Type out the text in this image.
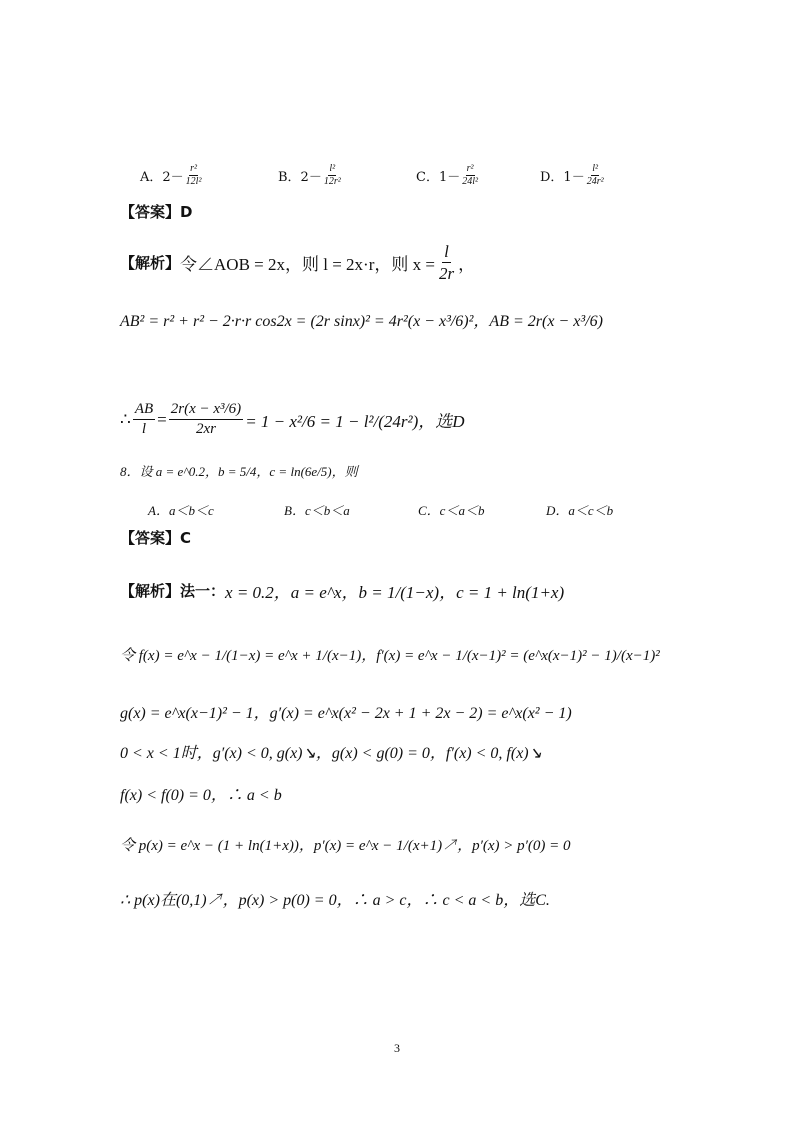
A．$2- \frac{\text{r²}}{\text{12l²}}$	B．$2- \frac{\text{l²}}{\text{12r²}}$	C．$1- \frac{\text{r²}}{\text{24l²}}$	D．$1- \frac{\text{l²}}{\text{24r²}}$
【答案】 D
【解析】 令∠AOB = 2x，则 l = 2x·r，则 $x = \frac{l}{2r}$ ，
AB² = r² + r² − 2·r·r cos2x = (2r sinx)² = 4r²(x − x³/6)²，AB = 2r(x − x³/6)
∴ $\frac{AB}{l} = \frac{\text{2r(x − x³/6)}}{2xr} = 1 - x^2/6 = 1 - l^2/(24r^2)$，选D
8．设 a = e^0.2，b = 5/4，c = ln(6e/5)，则
A．a＜b＜c	B．c＜b＜a	C．c＜a＜b	D．a＜c＜b
【答案】 C
【解析】 法一： x = 0.2，a = e^x，b = 1/(1−x)，c = 1 + ln(1+x)
令 f(x) = e^x − 1/(1−x) = e^x + 1/(x−1)，f′(x) = e^x − 1/(x−1)² = (e^x(x−1)² − 1)/(x−1)²
g(x) = e^x(x−1)² − 1，g′(x) = e^x(x² − 2x + 1 + 2x − 2) = e^x(x² − 1)
0 < x < 1时，g′(x) < 0, g(x)↘，g(x) < g(0) = 0，f′(x) < 0, f(x)↘
f(x) < f(0) = 0，∴ a < b
令 p(x) = e^x − (1 + ln(1+x))，p′(x) = e^x − 1/(x+1)↗，p′(x) > p′(0) = 0
∴ p(x)在(0,1)↗，p(x) > p(0) = 0，∴ a > c，∴ c < a < b，选C.
3
